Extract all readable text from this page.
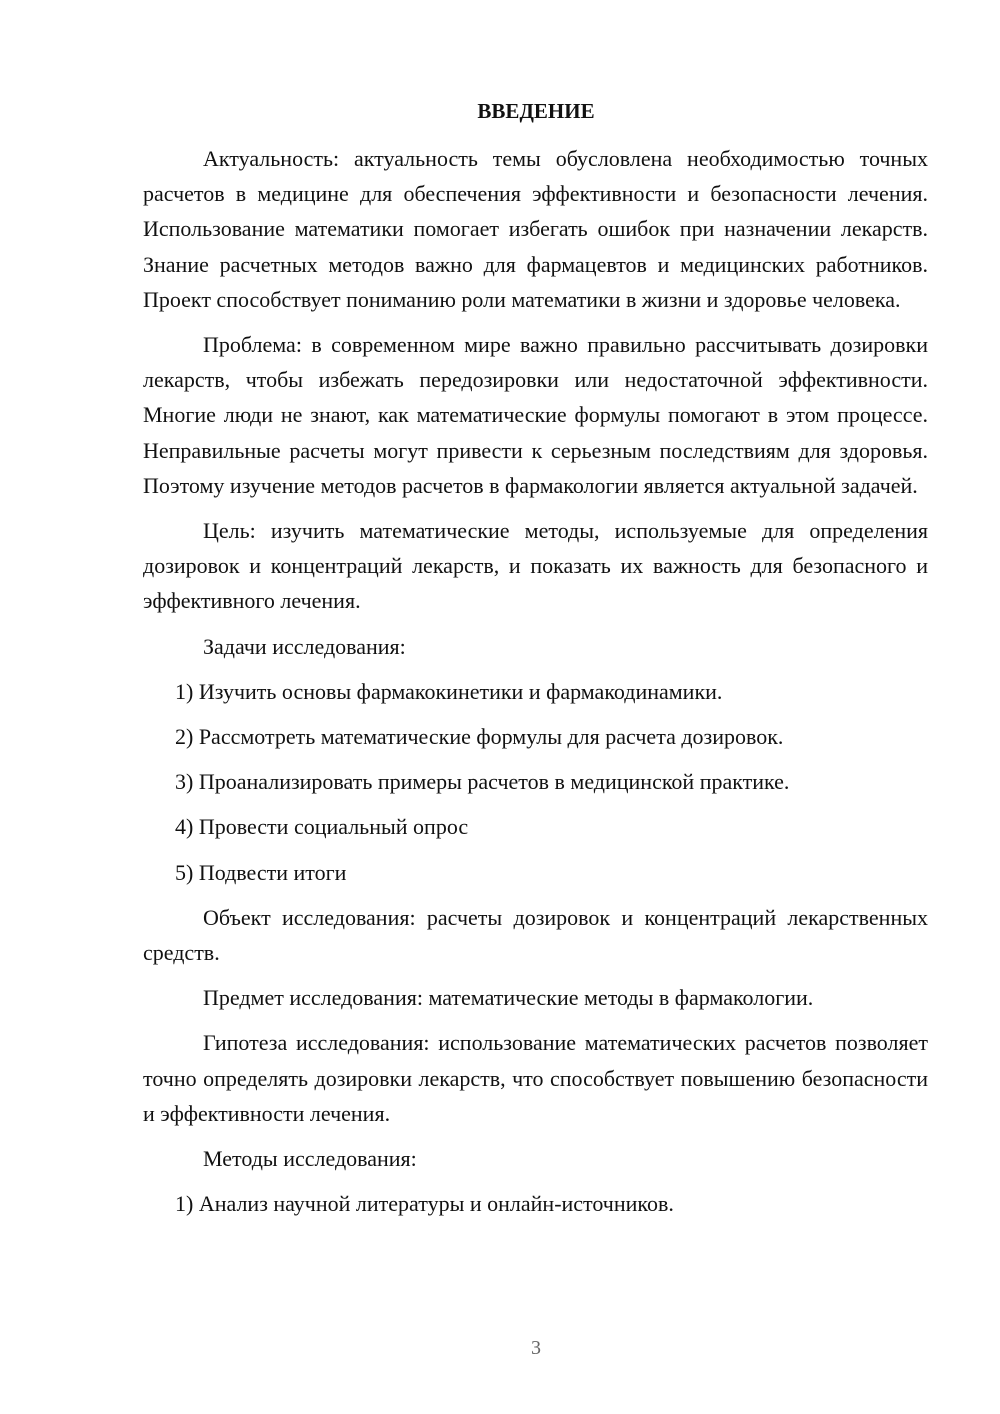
ВВЕДЕНИЕ

Актуальность: актуальность темы обусловлена необходимостью точных расчетов в медицине для обеспечения эффективности и безопасности лечения. Использование математики помогает избегать ошибок при назначении лекарств. Знание расчетных методов важно для фармацевтов и медицинских работников. Проект способствует пониманию роли математики в жизни и здоровье человека.

Проблема: в современном мире важно правильно рассчитывать дозировки лекарств, чтобы избежать передозировки или недостаточной эффективности. Многие люди не знают, как математические формулы помогают в этом процессе. Неправильные расчеты могут привести к серьезным последствиям для здоровья. Поэтому изучение методов расчетов в фармакологии является актуальной задачей.

Цель: изучить математические методы, используемые для определения дозировок и концентраций лекарств, и показать их важность для безопасного и эффективного лечения.

Задачи исследования:

1) Изучить основы фармакокинетики и фармакодинамики.

2) Рассмотреть математические формулы для расчета дозировок.

3) Проанализировать примеры расчетов в медицинской практике.

4) Провести социальный опрос

5) Подвести итоги

Объект исследования: расчеты дозировок и концентраций лекарственных средств.

Предмет исследования: математические методы в фармакологии.

Гипотеза исследования: использование математических расчетов позволяет точно определять дозировки лекарств, что способствует повышению безопасности и эффективности лечения.

Методы исследования:

1) Анализ научной литературы и онлайн-источников.

3
